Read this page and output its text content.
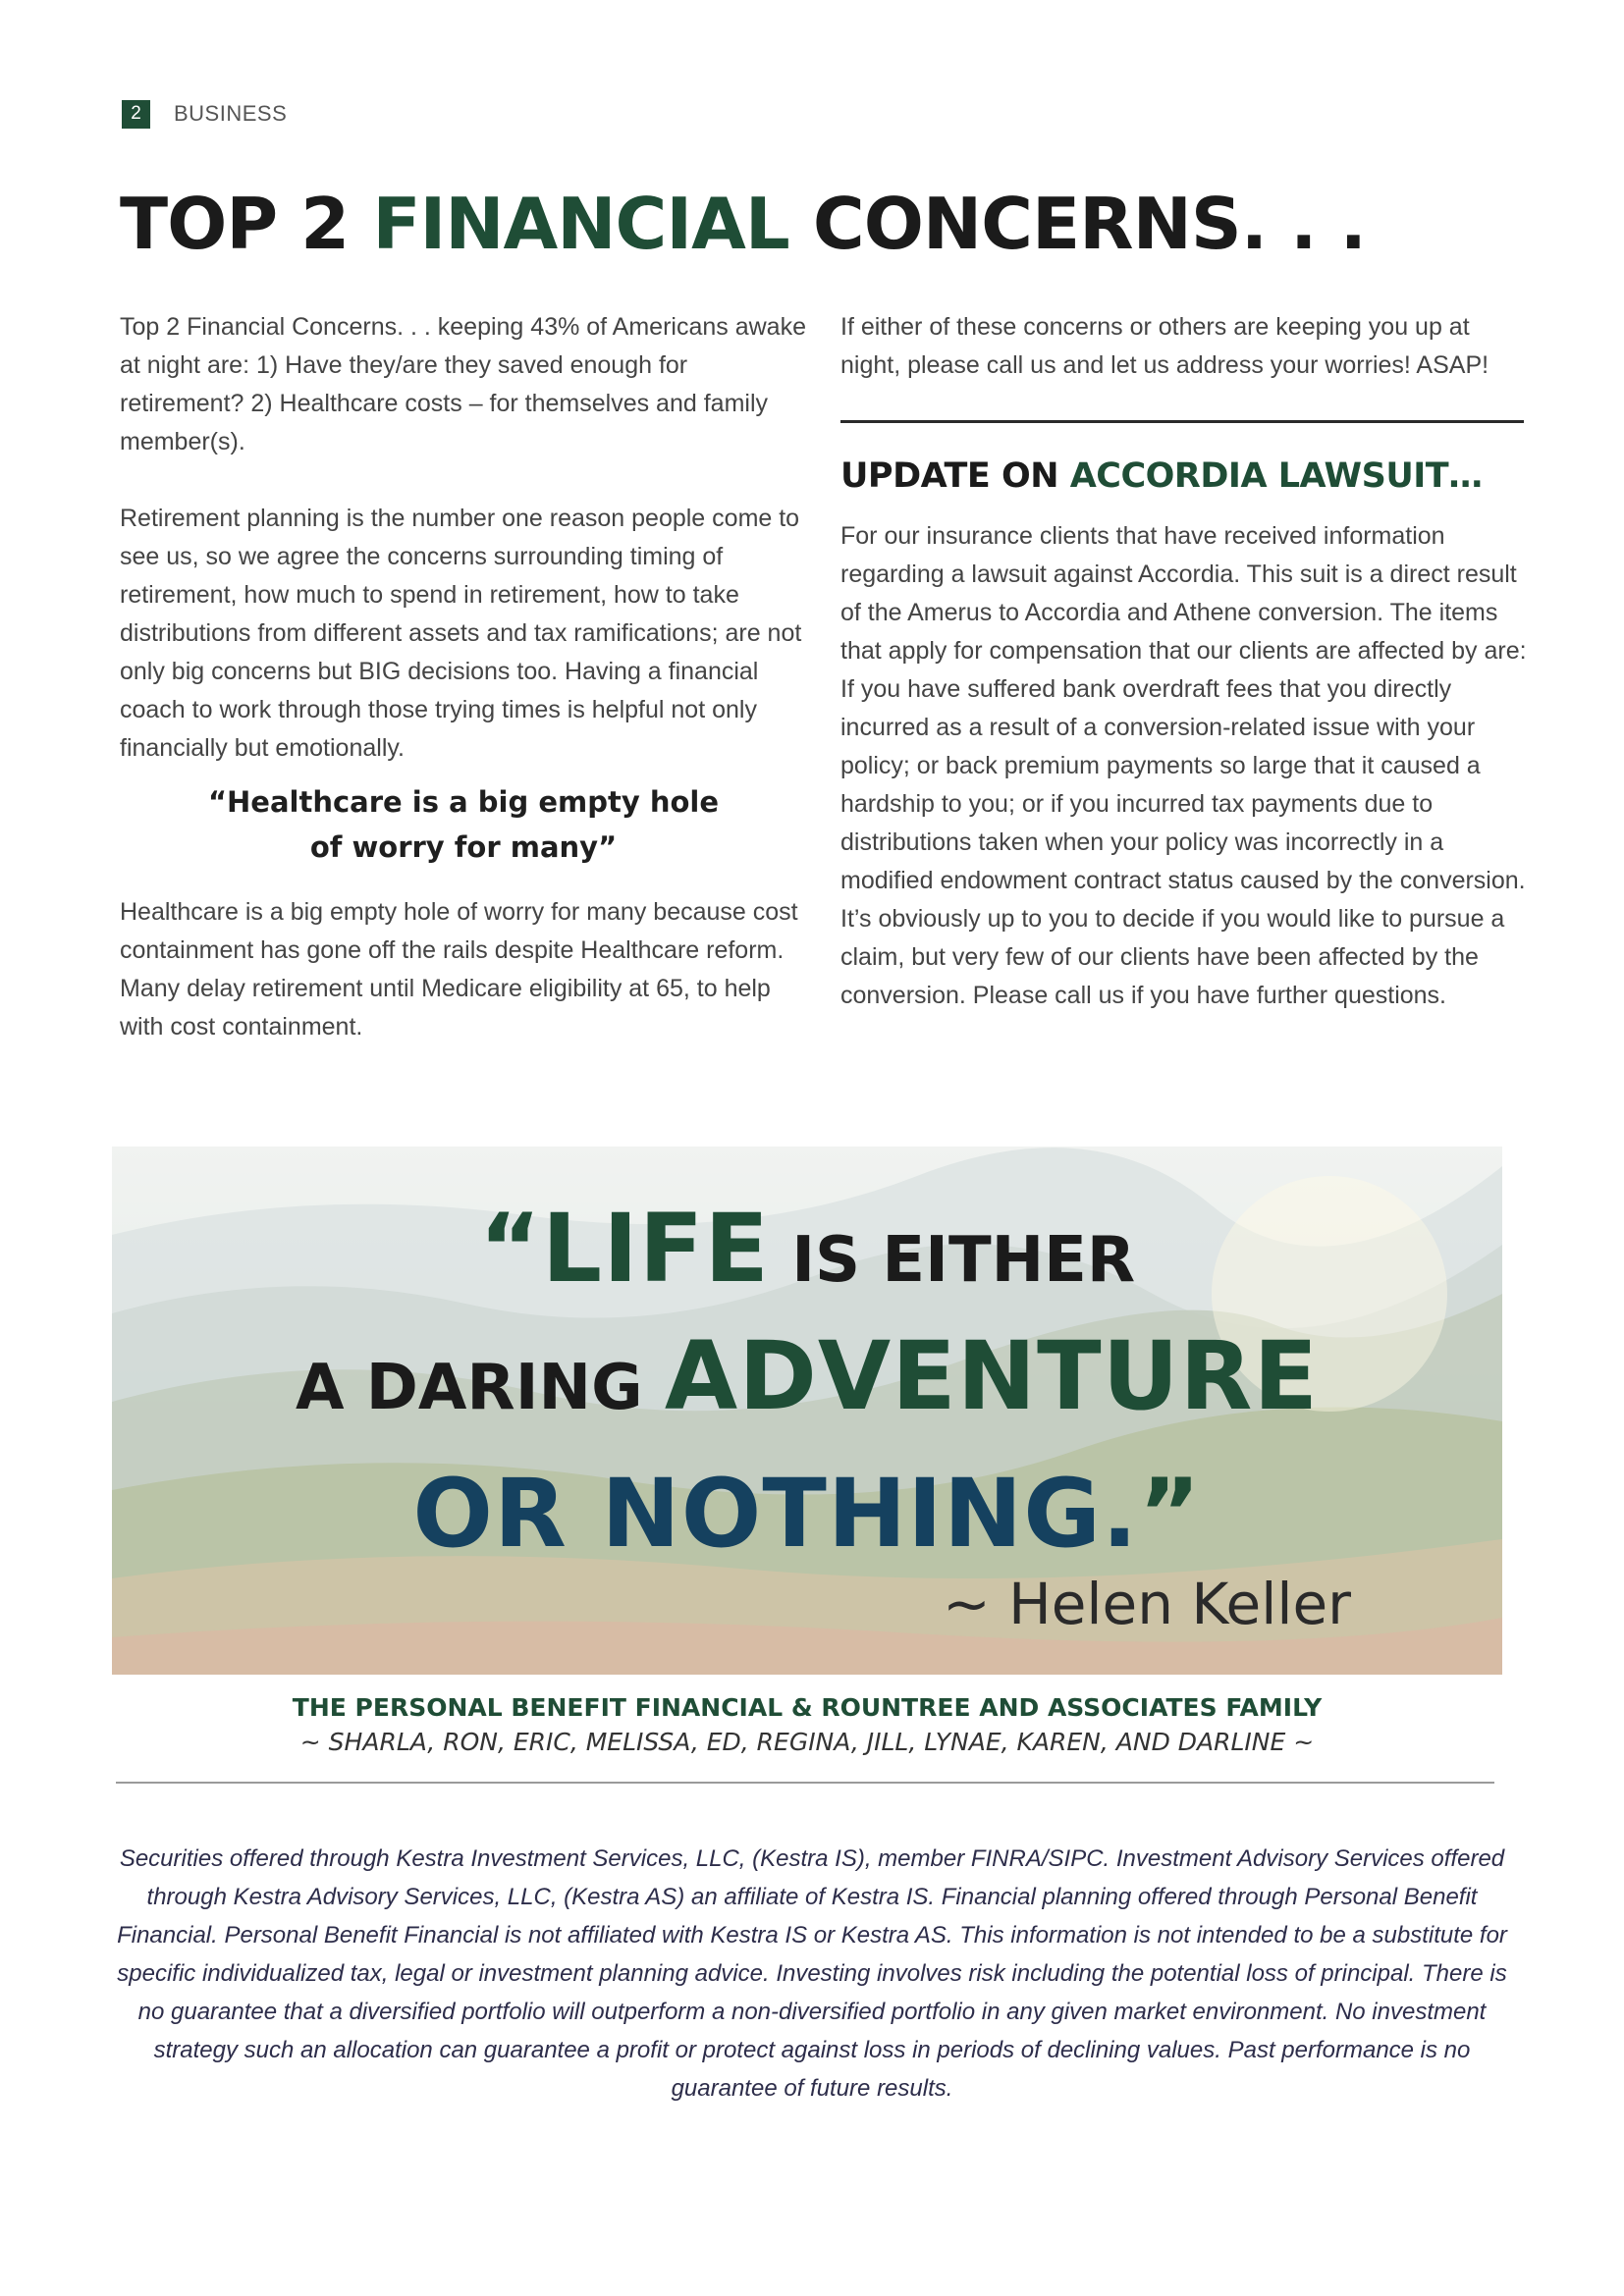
2	BUSINESS
TOP 2 FINANCIAL CONCERNS. . .

Top 2 Financial Concerns. . . keeping 43% of Americans awake at night are: 1) Have they/are they saved enough for retirement? 2) Healthcare costs – for themselves and family member(s).

Retirement planning is the number one reason people come to see us, so we agree the concerns surrounding timing of retirement, how much to spend in retirement, how to take distributions from different assets and tax ramifications; are not only big concerns but BIG decisions too. Having a financial coach to work through those trying times is helpful not only financially but emotionally.

“Healthcare is a big empty hole
of worry for many”

Healthcare is a big empty hole of worry for many because cost containment has gone off the rails despite Healthcare reform. Many delay retirement until Medicare eligibility at 65, to help with cost containment.

If either of these concerns or others are keeping you up at night, please call us and let us address your worries! ASAP!

UPDATE ON ACCORDIA LAWSUIT…

For our insurance clients that have received information regarding a lawsuit against Accordia. This suit is a direct result of the Amerus to Accordia and Athene conversion. The items that apply for compensation that our clients are affected by are: If you have suffered bank overdraft fees that you directly incurred as a result of a conversion-related issue with your policy; or back premium payments so large that it caused a hardship to you; or if you incurred tax payments due to distributions taken when your policy was incorrectly in a modified endowment contract status caused by the conversion. It’s obviously up to you to decide if you would like to pursue a claim, but very few of our clients have been affected by the conversion. Please call us if you have further questions.

“LIFE IS EITHER
A DARING ADVENTURE
OR NOTHING.”
~ Helen Keller
THE PERSONAL BENEFIT FINANCIAL & ROUNTREE AND ASSOCIATES FAMILY
~ SHARLA, RON, ERIC, MELISSA, ED, REGINA, JILL, LYNAE, KAREN, AND DARLINE ~

Securities offered through Kestra Investment Services, LLC, (Kestra IS), member FINRA/SIPC. Investment Advisory Services offered through Kestra Advisory Services, LLC, (Kestra AS) an affiliate of Kestra IS. Financial planning offered through Personal Benefit Financial. Personal Benefit Financial is not affiliated with Kestra IS or Kestra AS. This information is not intended to be a substitute for specific individualized tax, legal or investment planning advice. Investing involves risk including the potential loss of principal. There is no guarantee that a diversified portfolio will outperform a non-diversified portfolio in any given market environment. No investment strategy such an allocation can guarantee a profit or protect against loss in periods of declining values. Past performance is no guarantee of future results.
